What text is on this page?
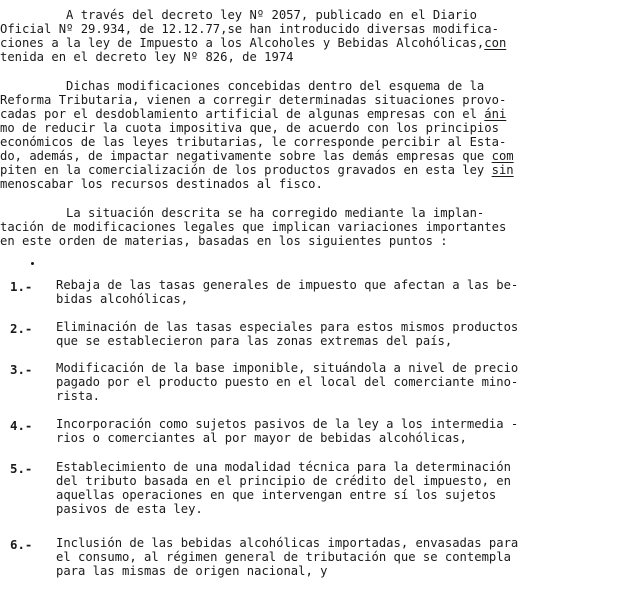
A través del decreto ley Nº 2057, publicado en el Diario
Oficial Nº 29.934, de 12.12.77,se han introducido diversas modifica-
ciones a la ley de Impuesto a los Alcoholes y Bebidas Alcohólicas,con
tenida en el decreto ley Nº 826, de 1974
Dichas modificaciones concebidas dentro del esquema de la
Reforma Tributaria, vienen a corregir determinadas situaciones provo-
cadas por el desdoblamiento artificial de algunas empresas con el áni
mo de reducir la cuota impositiva que, de acuerdo con los principios
económicos de las leyes tributarias, le corresponde percibir al Esta-
do, además, de impactar negativamente sobre las demás empresas que com
piten en la comercialización de los productos gravados en esta ley sin
menoscabar los recursos destinados al fisco.
La situación descrita se ha corregido mediante la implan-
tación de modificaciones legales que implican variaciones importantes
en este orden de materias, basadas en los siguientes puntos :
1.- Rebaja de las tasas generales de impuesto que afectan a las be-
bidas alcohólicas,
2.- Eliminación de las tasas especiales para estos mismos productos
que se establecieron para las zonas extremas del país,
3.- Modificación de la base imponible, situándola a nivel de precio
pagado por el producto puesto en el local del comerciante mino-
rista.
4.- Incorporación como sujetos pasivos de la ley a los intermedia -
rios o comerciantes al por mayor de bebidas alcohólicas,
5.- Establecimiento de una modalidad técnica para la determinación
del tributo basada en el principio de crédito del impuesto, en
aquellas operaciones en que intervengan entre sí los sujetos
pasivos de esta ley.
6.- Inclusión de las bebidas alcohólicas importadas, envasadas para
el consumo, al régimen general de tributación que se contempla
para las mismas de origen nacional, y
